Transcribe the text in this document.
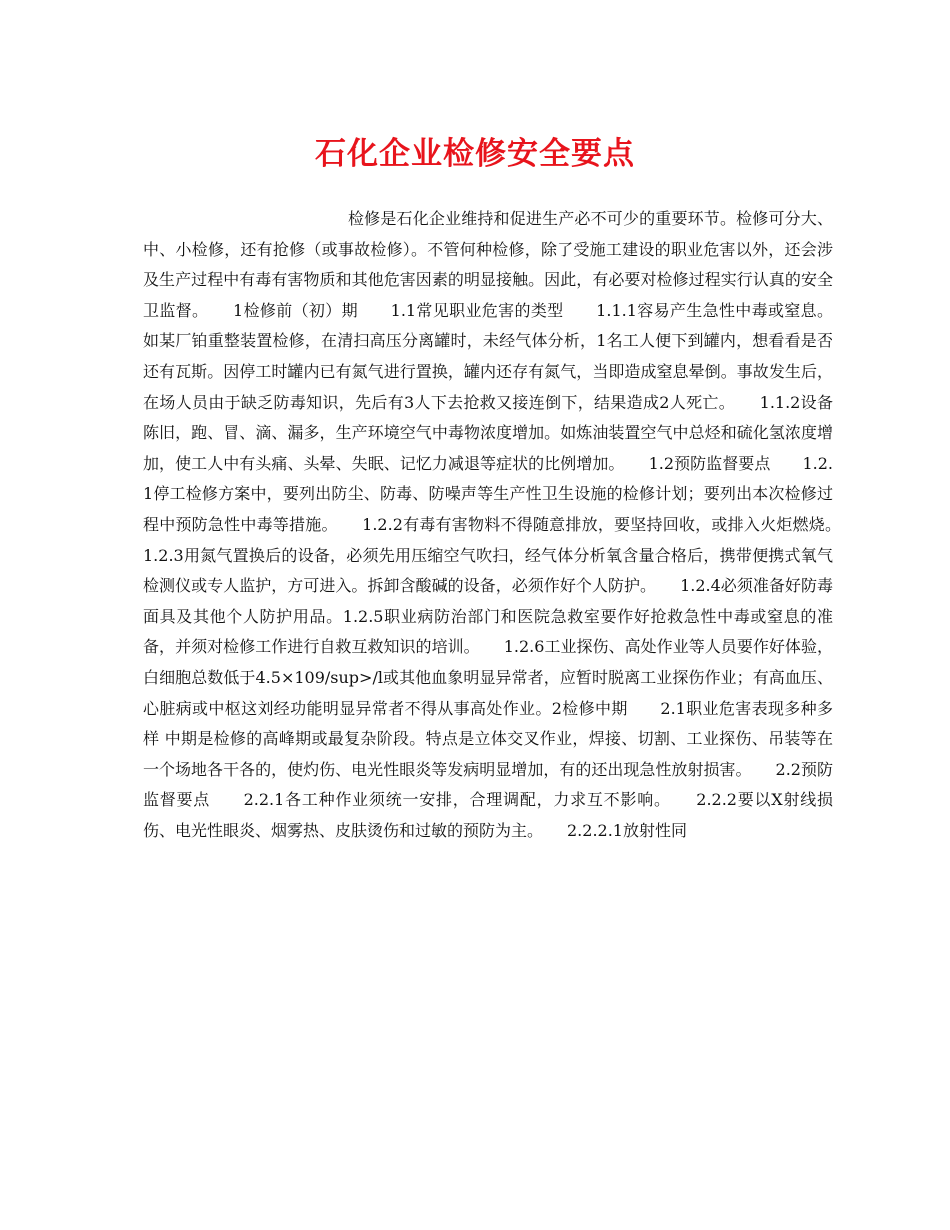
石化企业检修安全要点

检修是石化企业维持和促进生产必不可少的重要环节。检修可分大、中、小检修，还有抢修（或事故检修）。不管何种检修，除了受施工建设的职业危害以外，还会涉及生产过程中有毒有害物质和其他危害因素的明显接触。因此，有必要对检修过程实行认真的安全卫监督。　　1检修前（初）期　　1.1常见职业危害的类型　　1.1.1容易产生急性中毒或窒息。如某厂铂重整装置检修，在清扫高压分离罐时，未经气体分析，1名工人便下到罐内，想看看是否还有瓦斯。因停工时罐内已有氮气进行置换，罐内还存有氮气，当即造成窒息晕倒。事故发生后，在场人员由于缺乏防毒知识，先后有3人下去抢救又接连倒下，结果造成2人死亡。　　1.1.2设备陈旧，跑、冒、滴、漏多，生产环境空气中毒物浓度增加。如炼油装置空气中总烃和硫化氢浓度增加，使工人中有头痛、头晕、失眠、记忆力减退等症状的比例增加。　　1.2预防监督要点　　1.2.1停工检修方案中，要列出防尘、防毒、防噪声等生产性卫生设施的检修计划；要列出本次检修过程中预防急性中毒等措施。　　1.2.2有毒有害物料不得随意排放，要坚持回收，或排入火炬燃烧。　　1.2.3用氮气置换后的设备，必须先用压缩空气吹扫，经气体分析氧含量合格后，携带便携式氧气检测仪或专人监护，方可进入。拆卸含酸碱的设备，必须作好个人防护。　　1.2.4必须准备好防毒面具及其他个人防护用品。1.2.5职业病防治部门和医院急救室要作好抢救急性中毒或窒息的准备，并须对检修工作进行自救互救知识的培训。　　1.2.6工业探伤、高处作业等人员要作好体验，白细胞总数低于4.5×109/sup>/l或其他血象明显异常者，应暂时脱离工业探伤作业；有高血压、心脏病或中枢这刘经功能明显异常者不得从事高处作业。2检修中期　　2.1职业危害表现多种多样 中期是检修的高峰期或最复杂阶段。特点是立体交叉作业，焊接、切割、工业探伤、吊装等在一个场地各干各的，使灼伤、电光性眼炎等发病明显增加，有的还出现急性放射损害。　　2.2预防监督要点　　2.2.1各工种作业须统一安排，合理调配，力求互不影响。　　2.2.2要以X射线损伤、电光性眼炎、烟雾热、皮肤烫伤和过敏的预防为主。　　2.2.2.1放射性同
